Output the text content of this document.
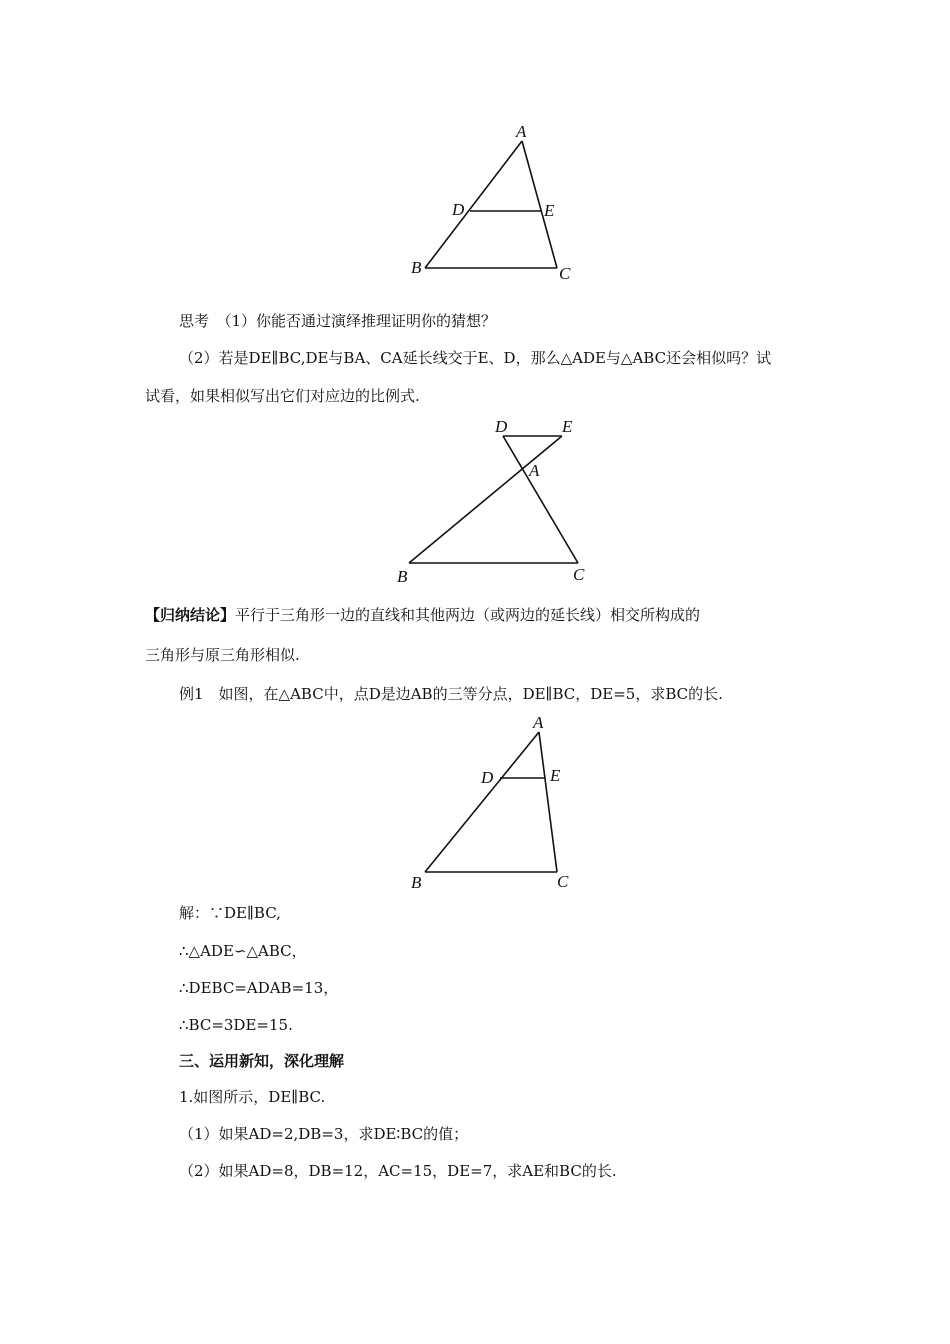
A
D	E
B	C
思考　（1）你能否通过演绎推理证明你的猜想？
（2）若是DE∥BC,DE与BA、CA延长线交于E、D，那么△ADE与△ABC还会相似吗？试
试看，如果相似写出它们对应边的比例式.
D	E
A
B	C
【归纳结论】平行于三角形一边的直线和其他两边（或两边的延长线）相交所构成的
三角形与原三角形相似.
例1　如图，在△ABC中，点D是边AB的三等分点，DE∥BC，DE=5，求BC的长.
A
D	E
B	C
解：∵DE∥BC,
∴△ADE∽△ABC，
∴DEBC=ADAB=13，
∴BC=3DE=15.
三、运用新知，深化理解
1.如图所示，DE∥BC.
（1）如果AD=2,DB=3，求DE∶BC的值；
（2）如果AD=8，DB=12，AC=15，DE=7，求AE和BC的长.
